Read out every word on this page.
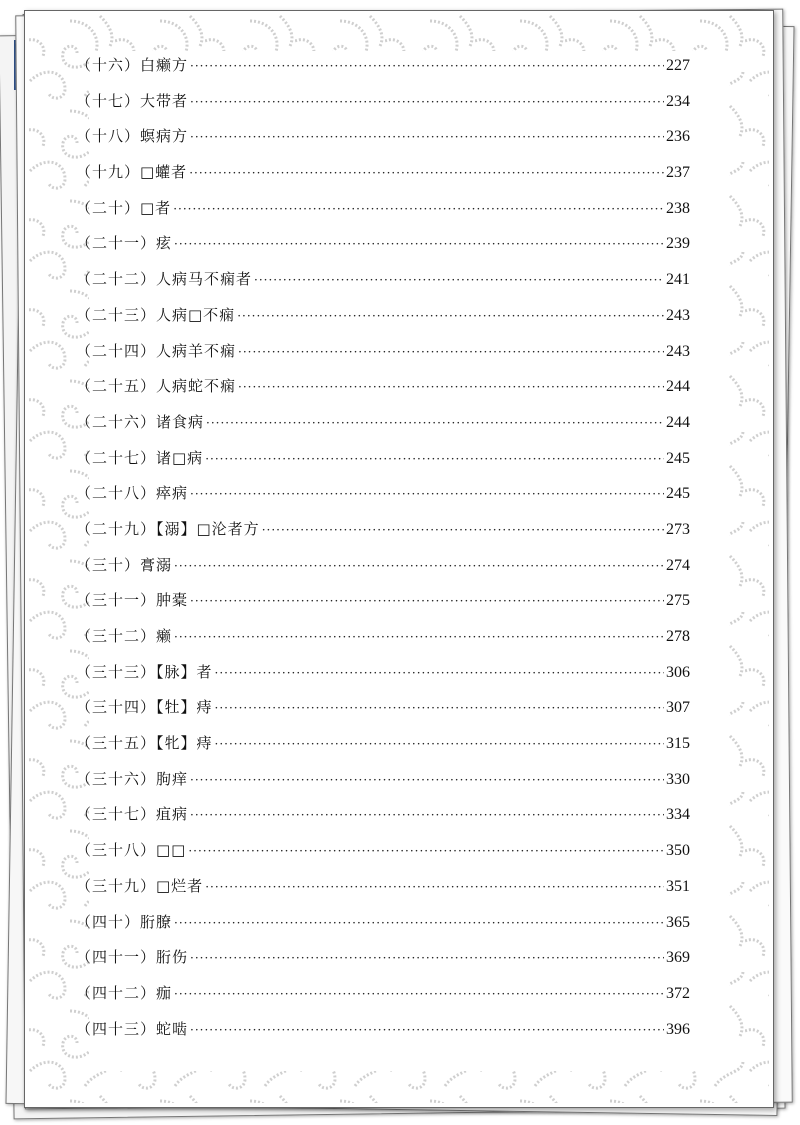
（十六）白癞方 ·····	227
（十七）大带者 ·····	234
（十八）螟病方 ·····	236
（十九）□蠸者 ·····	237
（二十）□者 ·····	238
（二十一）痃 ·····	239
（二十二）人病马不痫者 ·····	241
（二十三）人病□不痫 ·····	243
（二十四）人病羊不痫 ·····	243
（二十五）人病蛇不痫 ·····	244
（二十六）诸食病 ·····	244
（二十七）诸□病 ·····	245
（二十八）瘁病 ·····	245
（二十九）【溺】□沦者方 ·····	273
（三十）膏溺 ·····	274
（三十一）肿橐 ·····	275
（三十二）癞 ·····	278
（三十三）【脉】者 ·····	306
（三十四）【牡】痔 ·····	307
（三十五）【牝】痔 ·····	315
（三十六）朐痒 ·····	330
（三十七）疽病 ·····	334
（三十八）□□ ·····	350
（三十九）□烂者 ·····	351
（四十）胻膫 ·····	365
（四十一）胻伤 ·····	369
（四十二）痂 ·····	372
（四十三）蛇啮 ·····	396
